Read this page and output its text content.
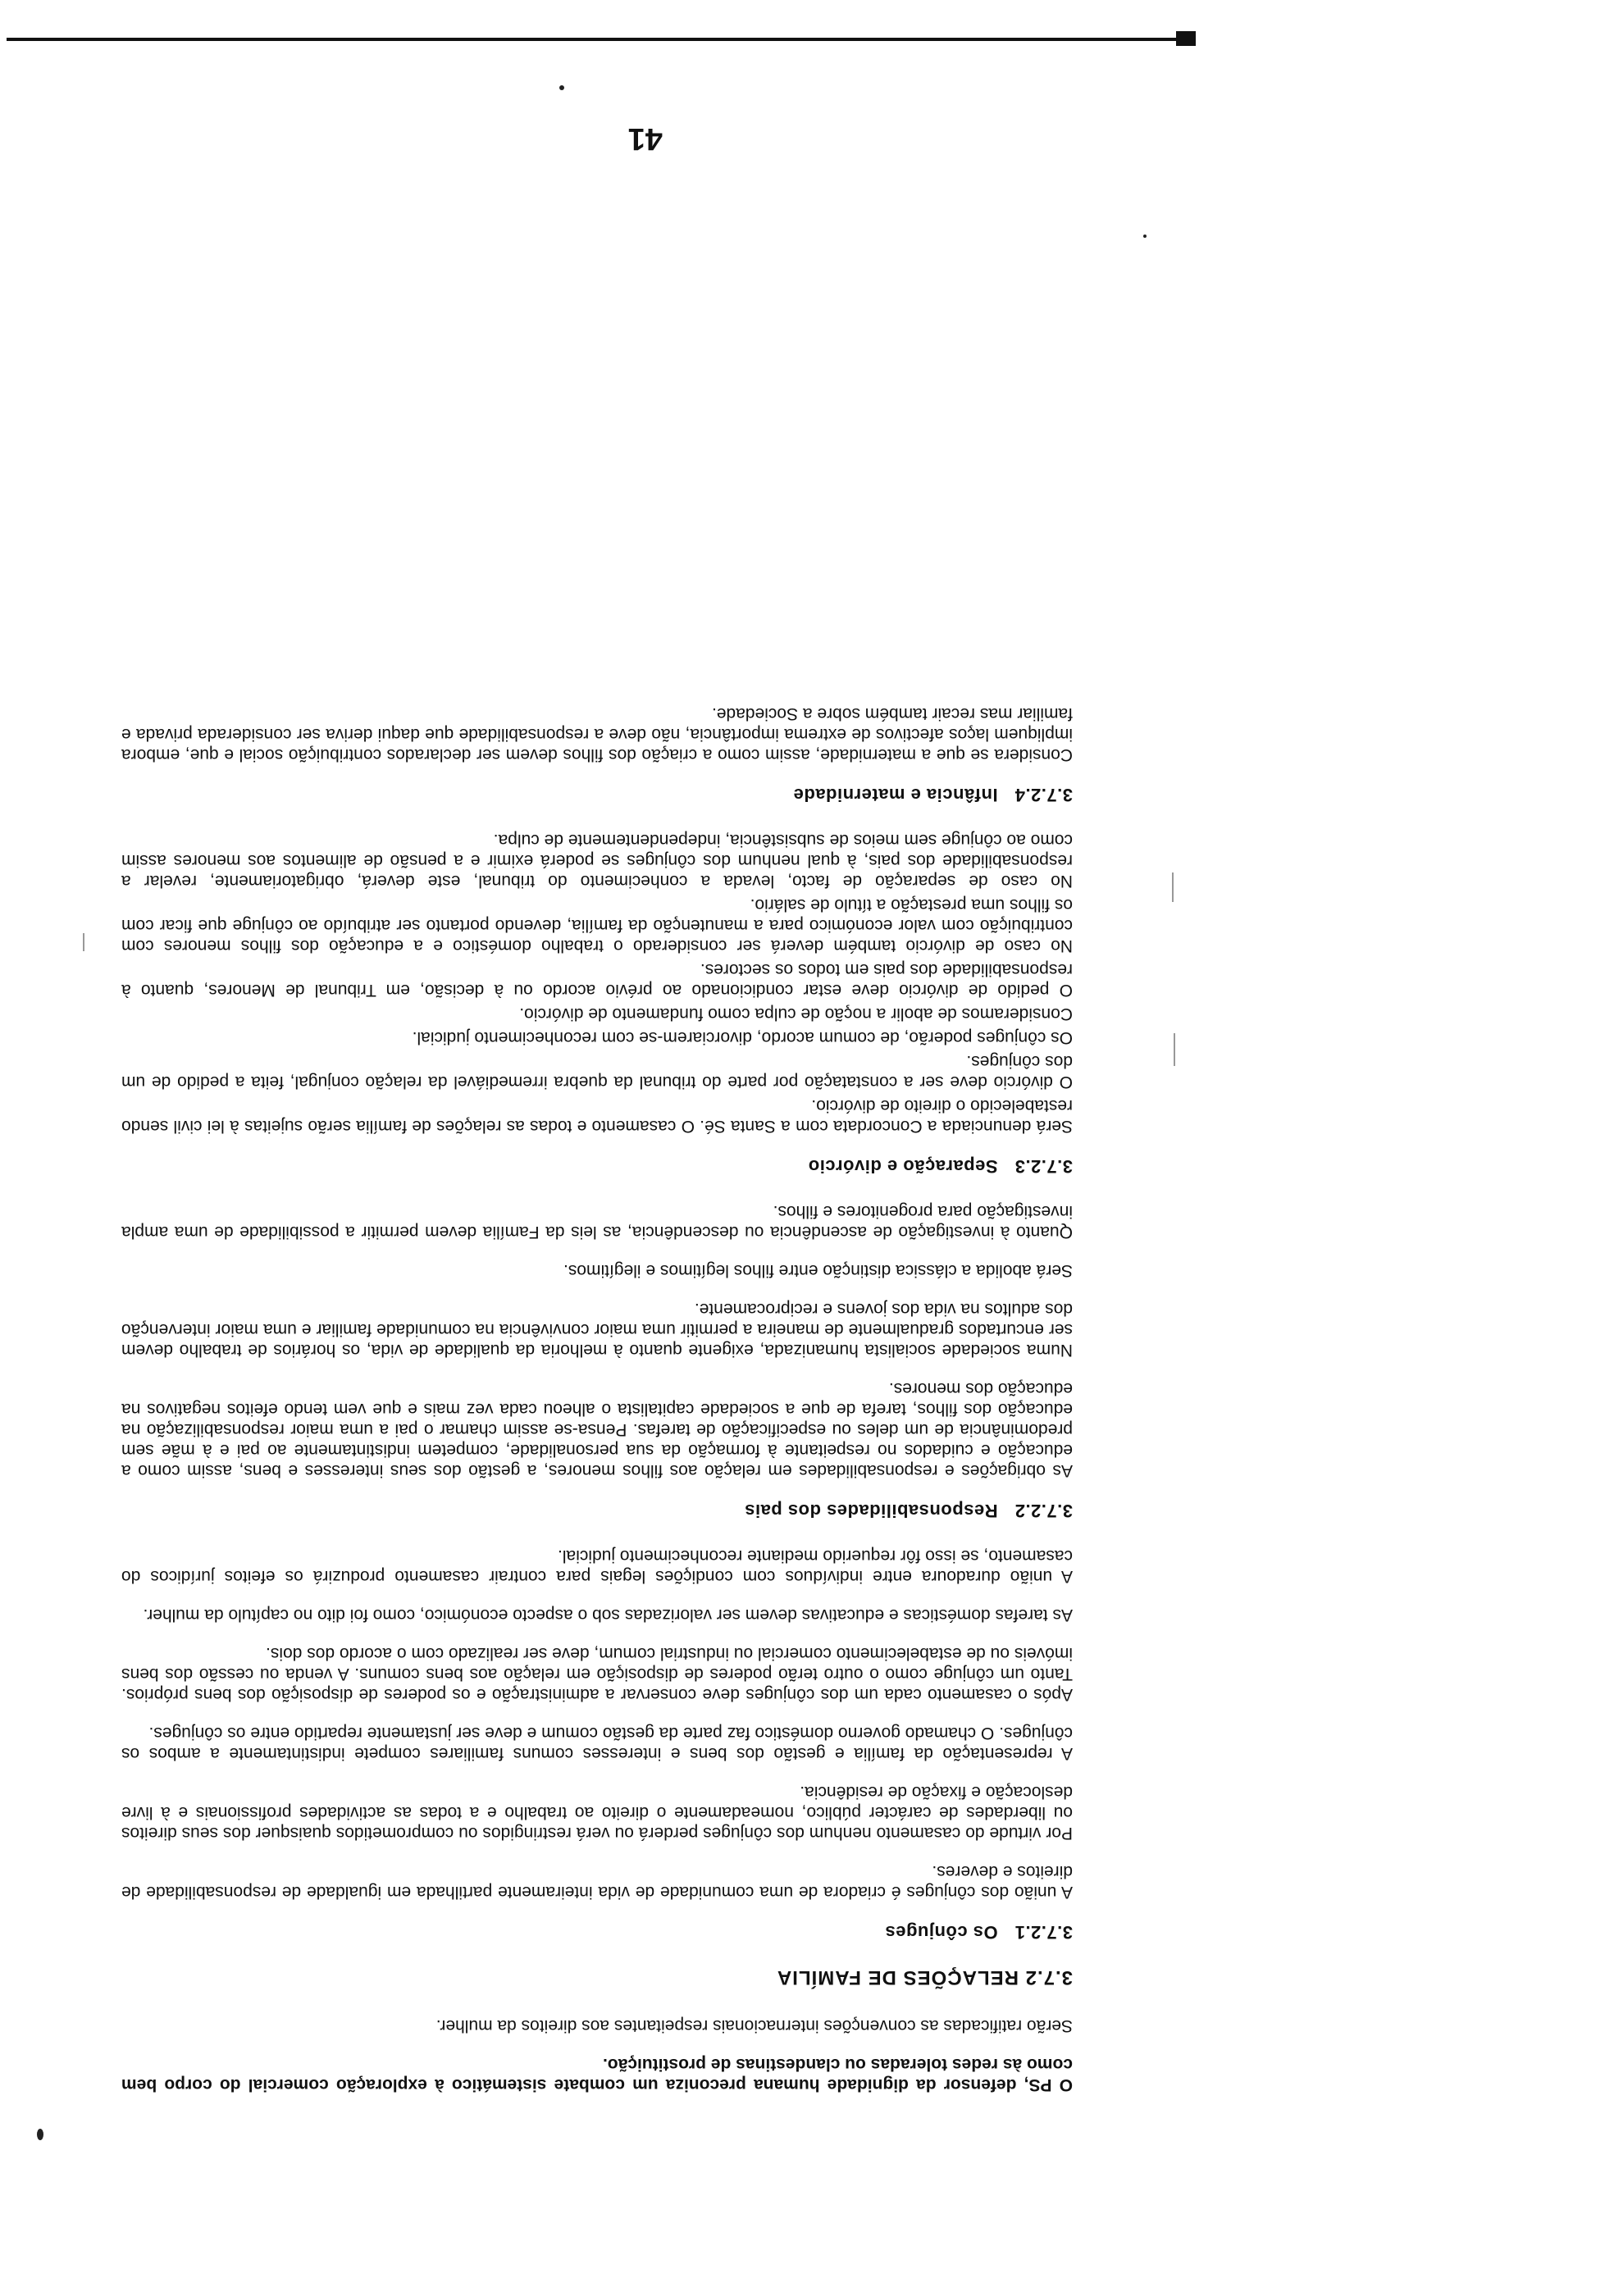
41

O PS, defensor da dignidade humana preconiza um combate sistemático à exploração comercial do corpo bem como às redes toleradas ou clandestinas de prostituição.

Serão ratificadas as convenções internacionais respeitantes aos direitos da mulher.

3.7.2 RELAÇÕES DE FAMÍLIA
3.7.2.1 Os cônjuges

A união dos cônjuges é criadora de uma comunidade de vida inteiramente partilhada em igualdade de responsabilidade de direitos e deveres.

Por virtude do casamento nenhum dos cônjuges perderá ou verá restringidos ou comprometidos quaisquer dos seus direitos ou liberdades de carácter público, nomeadamente o direito ao trabalho e a todas as actividades profissionais e à livre deslocação e fixação de residência.

A representação da família e gestão dos bens e interesses comuns familiares compete indistintamente a ambos os cônjuges. O chamado governo doméstico faz parte da gestão comum e deve ser justamente repartido entre os cônjuges.

Após o casamento cada um dos cônjuges deve conservar a administração e os poderes de disposição dos bens próprios. Tanto um cônjuge como o outro terão poderes de disposição em relação aos bens comuns. A venda ou cessão dos bens imóveis ou de estabelecimento comercial ou industrial comum, deve ser realizado com o acordo dos dois.

As tarefas domésticas e educativas devem ser valorizadas sob o aspecto económico, como foi dito no capítulo da mulher.

A união duradoura entre indivíduos com condições legais para contrair casamento produzirá os efeitos jurídicos do casamento, se isso fôr requerido mediante reconhecimento judicial.

3.7.2.2 Responsabilidades dos pais

As obrigações e responsabilidades em relação aos filhos menores, a gestão dos seus interesses e bens, assim como a educação e cuidados no respeitante à formação da sua personalidade, competem indistintamente ao pai e à mãe sem predominância de um deles ou especificação de tarefas. Pensa-se assim chamar o pai a uma maior responsabilização na educação dos filhos, tarefa de que a sociedade capitalista o alheou cada vez mais e que vem tendo efeitos negativos na educação dos menores.

Numa sociedade socialista humanizada, exigente quanto à melhoria da qualidade de vida, os horários de trabalho devem ser encurtados gradualmente de maneira a permitir uma maior convivência na comunidade familiar e uma maior intervenção dos adultos na vida dos jovens e reciprocamente.

Será abolida a clássica distinção entre filhos legítimos e ilegítimos.

Quanto à investigação de ascendência ou descendência, as leis da Família devem permitir a possibilidade de uma ampla investigação para progenitores e filhos.

3.7.2.3 Separação e divórcio

Será denunciada a Concordata com a Santa Sé. O casamento e todas as relações de família serão sujeitas à lei civil sendo restabelecido o direito de divórcio.

O divórcio deve ser a constatação por parte do tribunal da quebra irremediável da relação conjugal, feita a pedido de um dos cônjuges.

Os cônjuges poderão, de comum acordo, divorciarem-se com reconhecimento judicial.

Consideramos de abolir a noção de culpa como fundamento de divórcio.

O pedido de divórcio deve estar condicionado ao prévio acordo ou à decisão, em Tribunal de Menores, quanto à responsabilidade dos pais em todos os sectores.

No caso de divórcio também deverá ser considerado o trabalho doméstico e a educação dos filhos menores com contribuição com valor económico para a manutenção da família, devendo portanto ser atribuído ao cônjuge que ficar com os filhos uma prestação a título de salário.

No caso de separação de facto, levada a conhecimento do tribunal, este deverá, obrigatoriamente, revelar a responsabilidade dos pais, à qual nenhum dos cônjuges se poderá eximir e a pensão de alimentos aos menores assim como ao cônjuge sem meios de subsistência, independentemente de culpa.

3.7.2.4 Infância e maternidade

Considera se que a maternidade, assim como a criação dos filhos devem ser declarados contribuição social e que, embora impliquem laços afectivos de extrema importância, não deve a responsabilidade que daqui deriva ser considerada privada e familiar mas recair também sobre a Sociedade.
